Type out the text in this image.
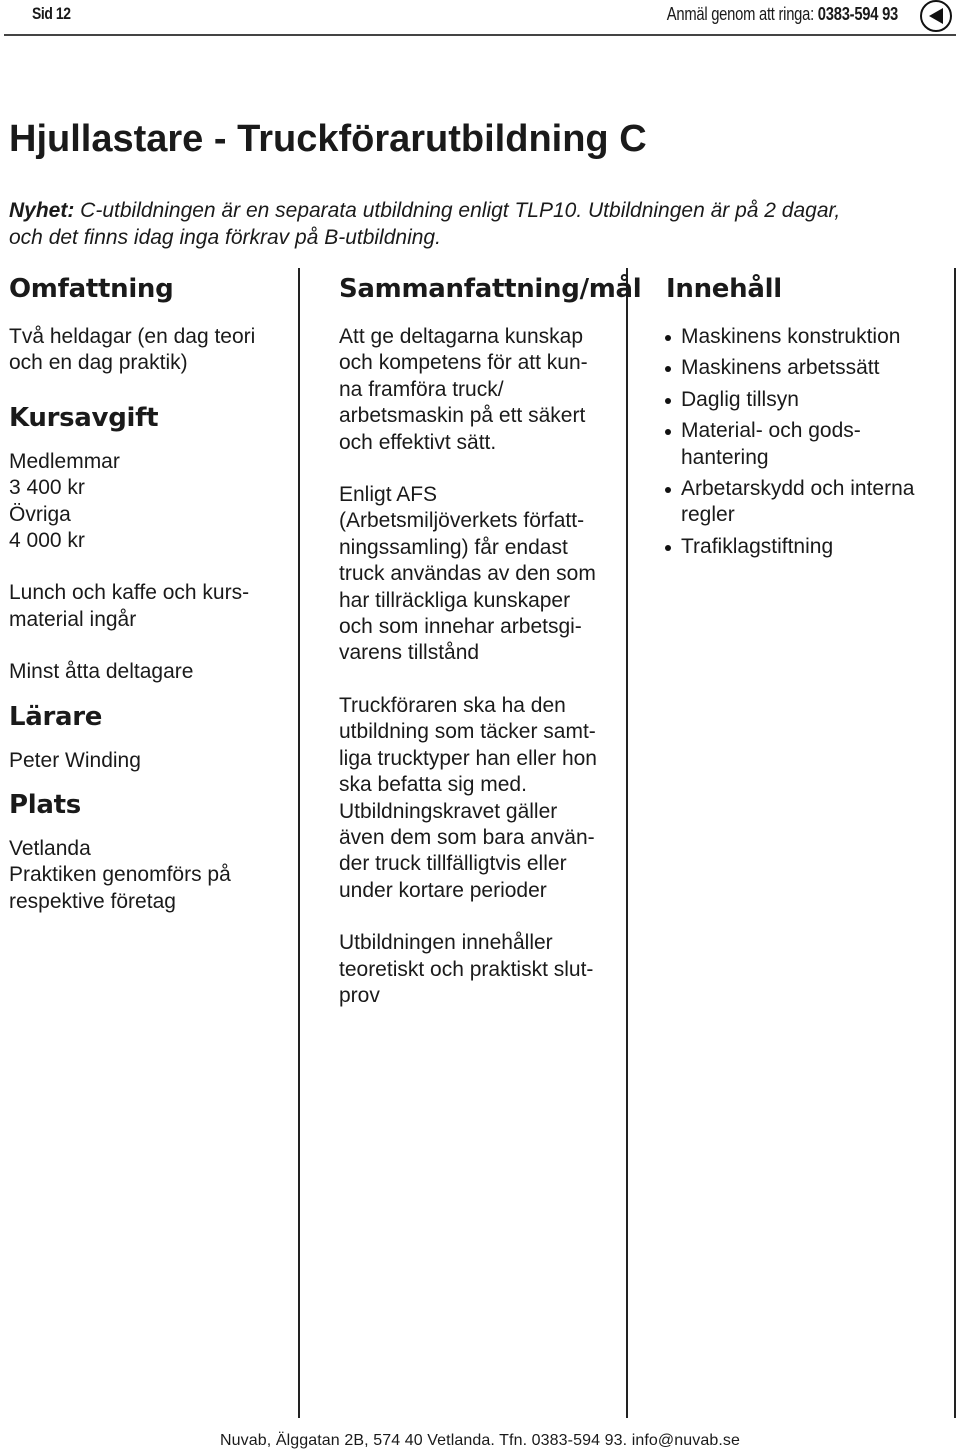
Sid 12	Anmäl genom att ringa: 0383-594 93
Hjullastare - Truckförarutbildning C
Nyhet: C-utbildningen är en separata utbildning enligt TLP10. Utbildningen är på 2 dagar, och det finns idag inga förkrav på B-utbildning.
Omfattning

Två heldagar (en dag teori
och en dag praktik)

Kursavgift

Medlemmar
3 400 kr
Övriga
4 000 kr

Lunch och kaffe och kurs-
material ingår

Minst åtta deltagare

Lärare

Peter Winding

Plats

Vetlanda
Praktiken genomförs på
respektive företag

Sammanfattning/mål

Att ge deltagarna kunskap
och kompetens för att kun-
na framföra truck/
arbetsmaskin på ett säkert
och effektivt sätt.

Enligt AFS
(Arbetsmiljöverkets författ-
ningssamling) får endast
truck användas av den som
har tillräckliga kunskaper
och som innehar arbetsgi-
varens tillstånd

Truckföraren ska ha den
utbildning som täcker samt-
liga trucktyper han eller hon
ska befatta sig med.
Utbildningskravet gäller
även dem som bara använ-
der truck tillfälligtvis eller
under kortare perioder

Utbildningen innehåller
teoretiskt och praktiskt slut-
prov

Innehåll
Maskinens konstruktion
Maskinens arbetssätt
Daglig tillsyn
Material- och gods-
hantering
Arbetarskydd och interna
regler
Trafiklagstiftning
Nuvab, Älggatan 2B, 574 40 Vetlanda. Tfn. 0383-594 93. info@nuvab.se
